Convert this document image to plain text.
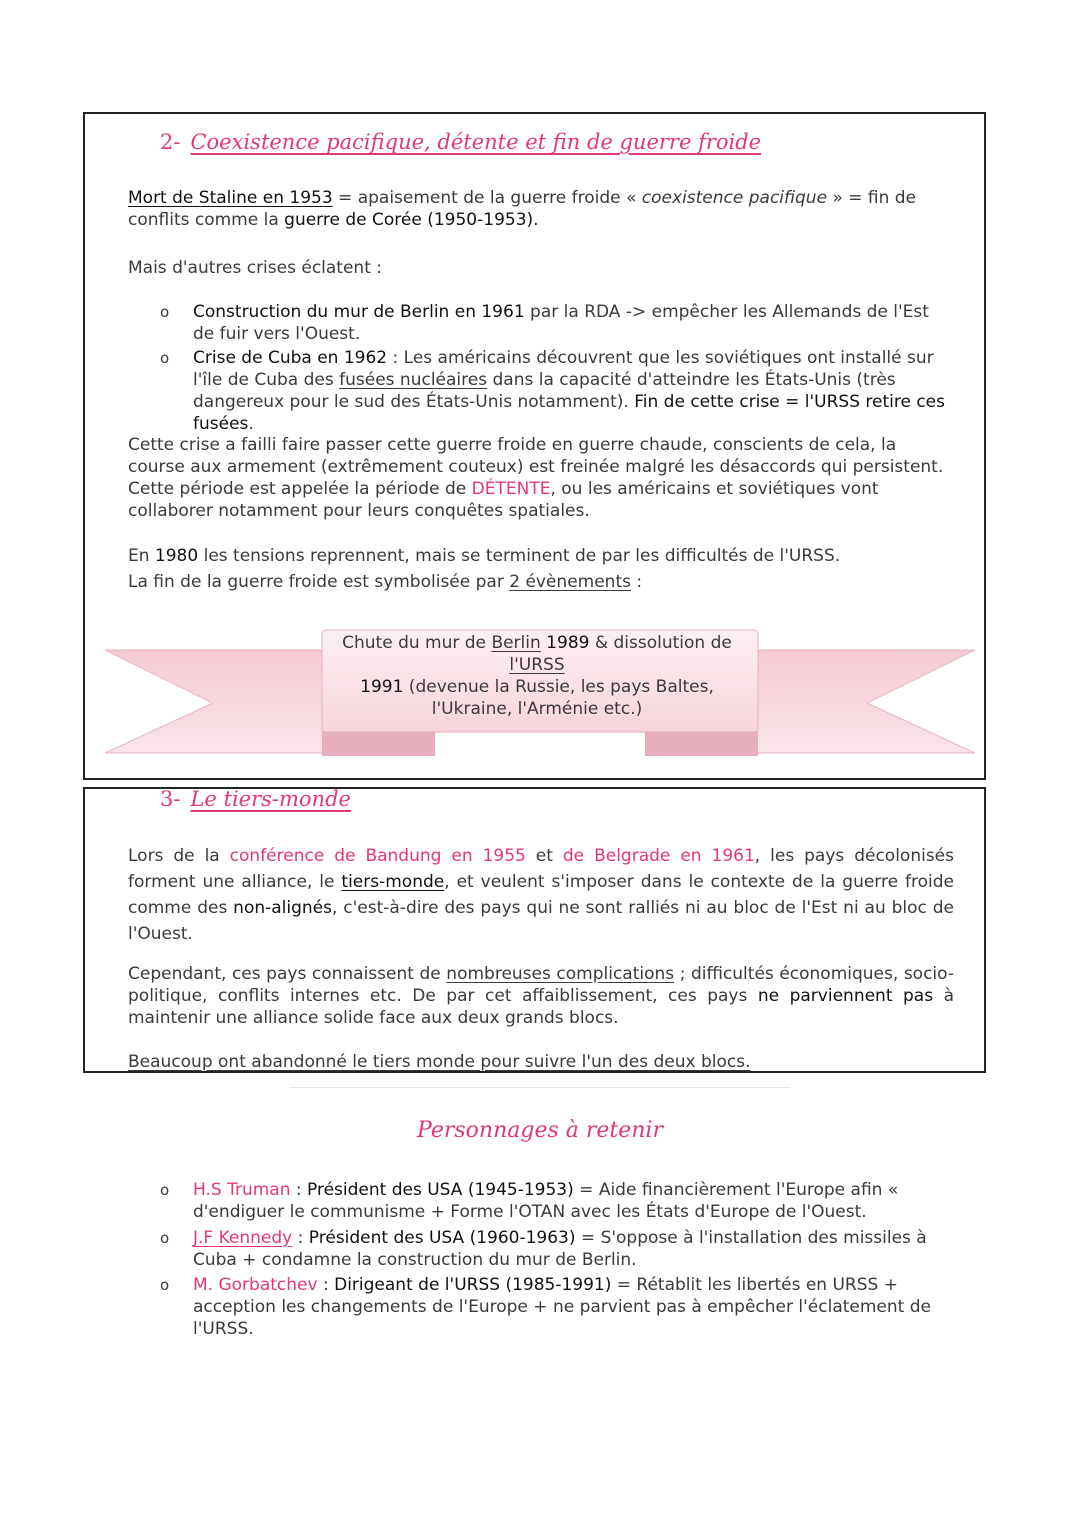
2- Coexistence pacifique, détente et fin de guerre froide

Mort de Staline en 1953 = apaisement de la guerre froide « coexistence pacifique » = fin de conflits comme la guerre de Corée (1950-1953).

Mais d'autres crises éclatent :

o Construction du mur de Berlin en 1961 par la RDA -> empêcher les Allemands de l'Est de fuir vers l'Ouest.
o Crise de Cuba en 1962 : Les américains découvrent que les soviétiques ont installé sur l'île de Cuba des fusées nucléaires dans la capacité d'atteindre les États-Unis (très dangereux pour le sud des États-Unis notamment). Fin de cette crise = l'URSS retire ces fusées.

Cette crise a failli faire passer cette guerre froide en guerre chaude, conscients de cela, la course aux armement (extrêmement couteux) est freinée malgré les désaccords qui persistent.
Cette période est appelée la période de DÉTENTE, ou les américains et soviétiques vont collaborer notamment pour leurs conquêtes spatiales.

En 1980 les tensions reprennent, mais se terminent de par les difficultés de l'URSS.
La fin de la guerre froide est symbolisée par 2 évènements :

Chute du mur de Berlin 1989 & dissolution de l'URSS
1991 (devenue la Russie, les pays Baltes, l'Ukraine, l'Arménie etc.)
3- Le tiers-monde

Lors de la conférence de Bandung en 1955 et de Belgrade en 1961, les pays décolonisés forment une alliance, le tiers-monde, et veulent s'imposer dans le contexte de la guerre froide comme des non-alignés, c'est-à-dire des pays qui ne sont ralliés ni au bloc de l'Est ni au bloc de l'Ouest.

Cependant, ces pays connaissent de nombreuses complications ; difficultés économiques, socio-politique, conflits internes etc. De par cet affaiblissement, ces pays ne parviennent pas à maintenir une alliance solide face aux deux grands blocs.

Beaucoup ont abandonné le tiers monde pour suivre l'un des deux blocs.

Personnages à retenir
o H.S Truman : Président des USA (1945-1953) = Aide financièrement l'Europe afin « d'endiguer le communisme + Forme l'OTAN avec les États d'Europe de l'Ouest.
o J.F Kennedy : Président des USA (1960-1963) = S'oppose à l'installation des missiles à Cuba + condamne la construction du mur de Berlin.
o M. Gorbatchev : Dirigeant de l'URSS (1985-1991) = Rétablit les libertés en URSS + acception les changements de l'Europe + ne parvient pas à empêcher l'éclatement de l'URSS.
